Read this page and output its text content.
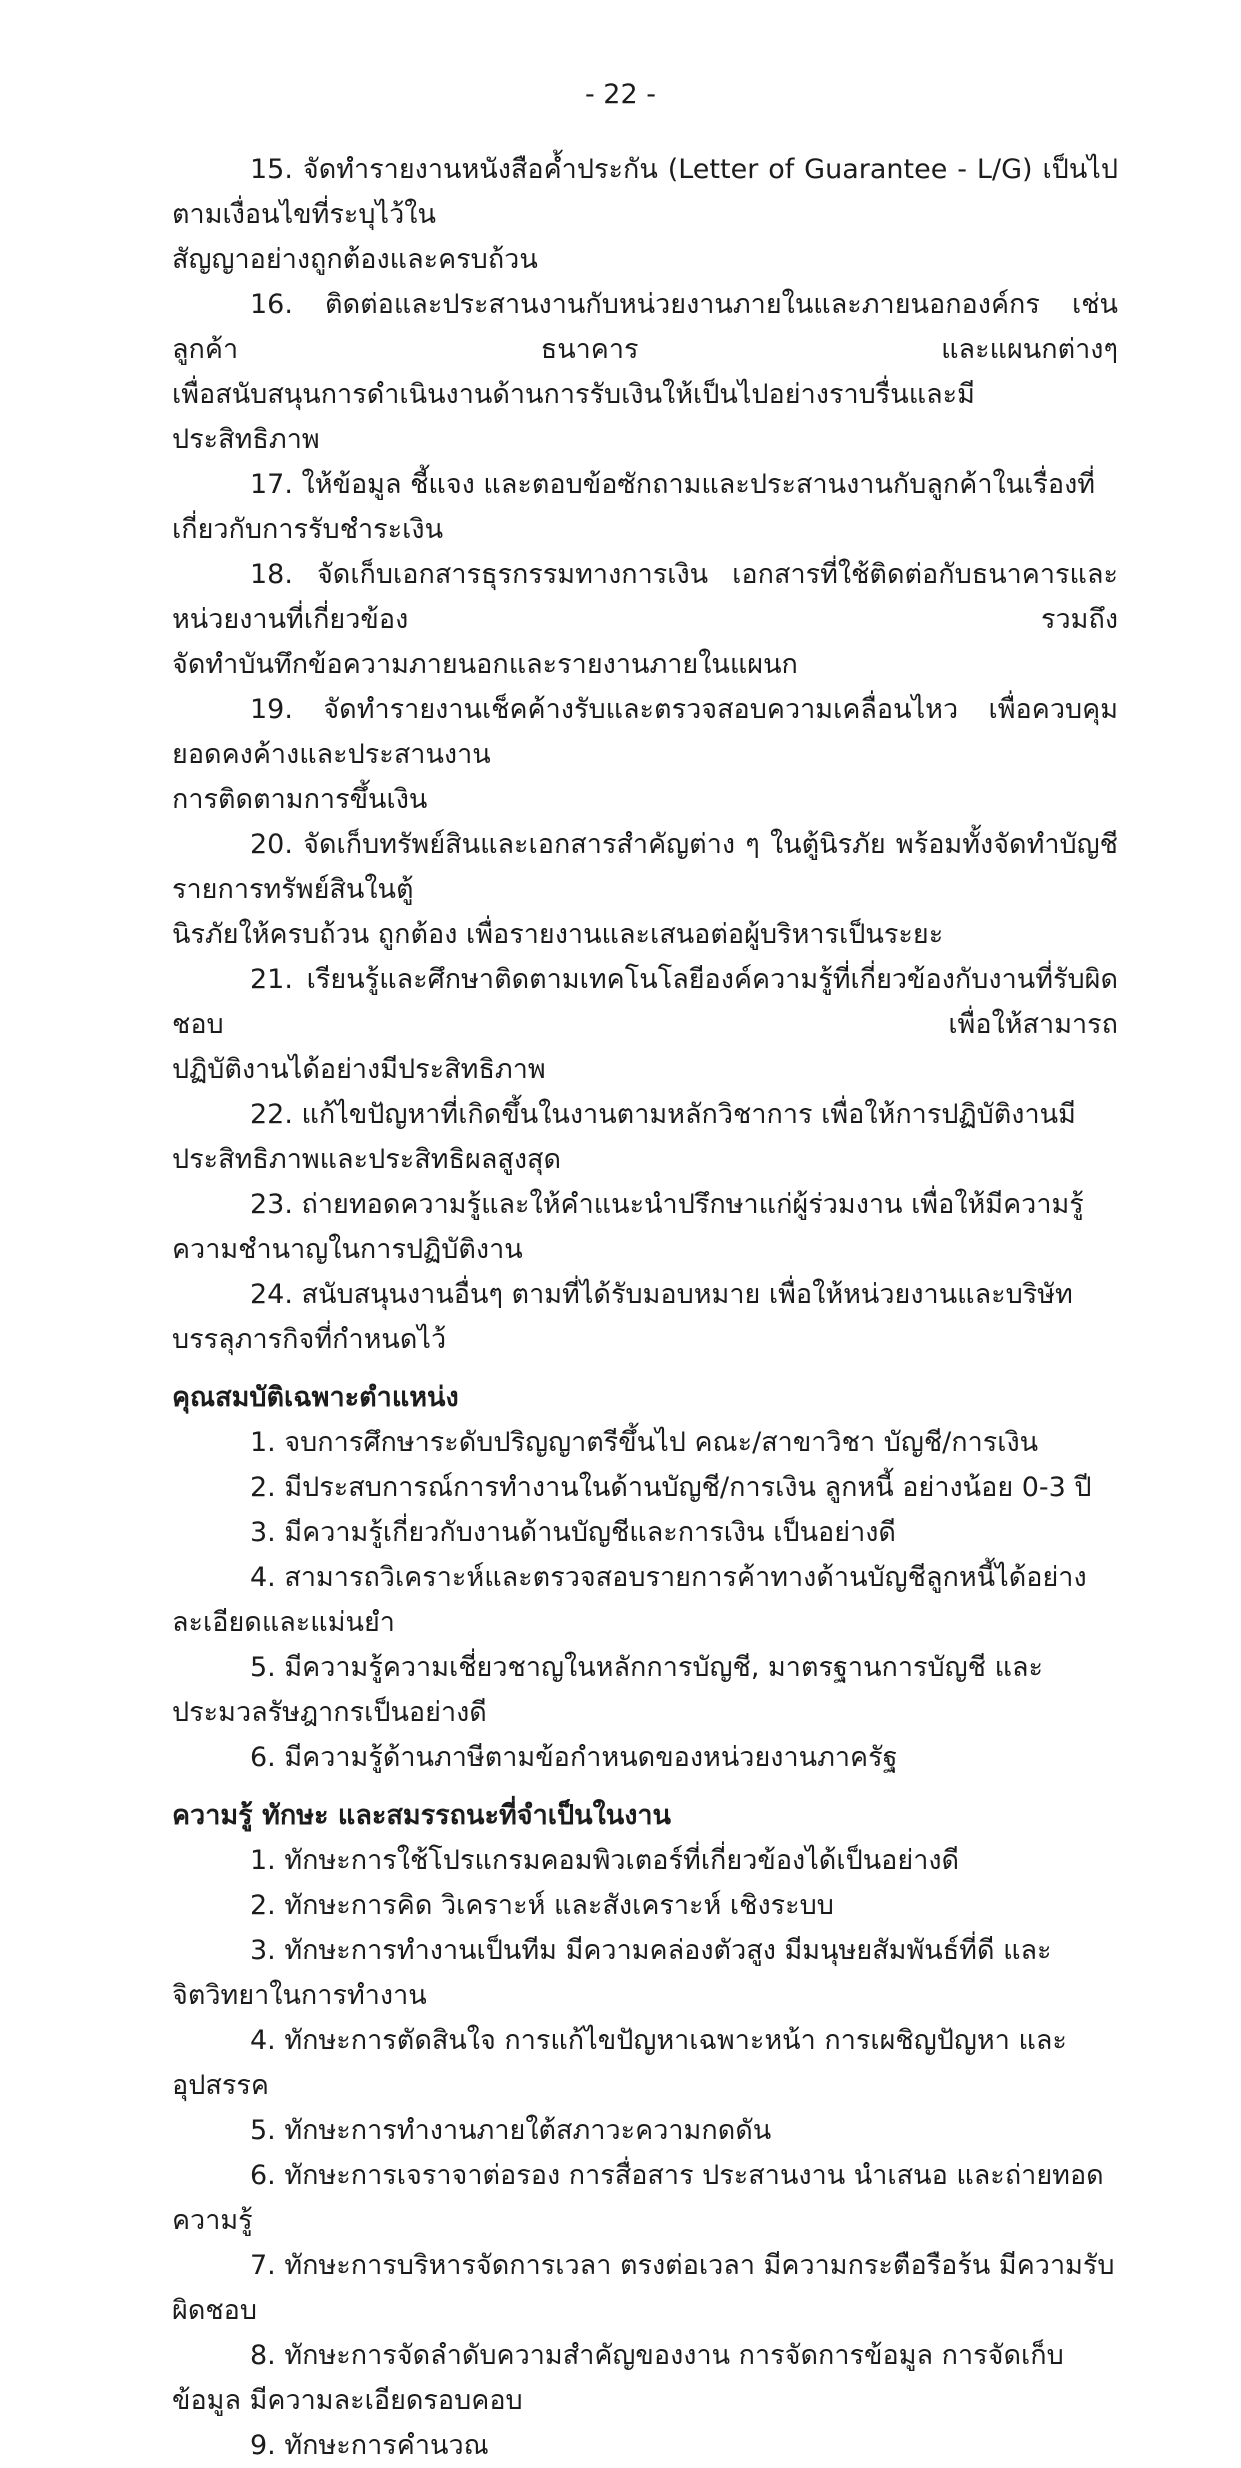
- 22 -
15. จัดทำรายงานหนังสือค้ำประกัน (Letter of Guarantee - L/G) เป็นไปตามเงื่อนไขที่ระบุไว้ใน
สัญญาอย่างถูกต้องและครบถ้วน
16. ติดต่อและประสานงานกับหน่วยงานภายในและภายนอกองค์กร เช่น ลูกค้า ธนาคาร และแผนกต่างๆ
เพื่อสนับสนุนการดำเนินงานด้านการรับเงินให้เป็นไปอย่างราบรื่นและมีประสิทธิภาพ
17. ให้ข้อมูล ชี้แจง และตอบข้อซักถามและประสานงานกับลูกค้าในเรื่องที่เกี่ยวกับการรับชำระเงิน
18. จัดเก็บเอกสารธุรกรรมทางการเงิน เอกสารที่ใช้ติดต่อกับธนาคารและหน่วยงานที่เกี่ยวข้อง รวมถึง
จัดทำบันทึกข้อความภายนอกและรายงานภายในแผนก
19. จัดทำรายงานเช็คค้างรับและตรวจสอบความเคลื่อนไหว เพื่อควบคุมยอดคงค้างและประสานงาน
การติดตามการขึ้นเงิน
20. จัดเก็บทรัพย์สินและเอกสารสำคัญต่าง ๆ ในตู้นิรภัย พร้อมทั้งจัดทำบัญชีรายการทรัพย์สินในตู้
นิรภัยให้ครบถ้วน ถูกต้อง เพื่อรายงานและเสนอต่อผู้บริหารเป็นระยะ
21. เรียนรู้และศึกษาติดตามเทคโนโลยีองค์ความรู้ที่เกี่ยวข้องกับงานที่รับผิดชอบ เพื่อให้สามารถ
ปฏิบัติงานได้อย่างมีประสิทธิภาพ
22. แก้ไขปัญหาที่เกิดขึ้นในงานตามหลักวิชาการ เพื่อให้การปฏิบัติงานมีประสิทธิภาพและประสิทธิผลสูงสุด
23. ถ่ายทอดความรู้และให้คำแนะนำปรึกษาแก่ผู้ร่วมงาน เพื่อให้มีความรู้ความชำนาญในการปฏิบัติงาน
24. สนับสนุนงานอื่นๆ ตามที่ได้รับมอบหมาย เพื่อให้หน่วยงานและบริษัท บรรลุภารกิจที่กำหนดไว้
คุณสมบัติเฉพาะตำแหน่ง
1. จบการศึกษาระดับปริญญาตรีขึ้นไป คณะ/สาขาวิชา บัญชี/การเงิน
2. มีประสบการณ์การทำงานในด้านบัญชี/การเงิน ลูกหนี้ อย่างน้อย 0-3 ปี
3. มีความรู้เกี่ยวกับงานด้านบัญชีและการเงิน เป็นอย่างดี
4. สามารถวิเคราะห์และตรวจสอบรายการค้าทางด้านบัญชีลูกหนี้ได้อย่างละเอียดและแม่นยำ
5. มีความรู้ความเชี่ยวชาญในหลักการบัญชี, มาตรฐานการบัญชี และประมวลรัษฎากรเป็นอย่างดี
6. มีความรู้ด้านภาษีตามข้อกำหนดของหน่วยงานภาครัฐ
ความรู้ ทักษะ และสมรรถนะที่จำเป็นในงาน
1. ทักษะการใช้โปรแกรมคอมพิวเตอร์ที่เกี่ยวข้องได้เป็นอย่างดี
2. ทักษะการคิด วิเคราะห์ และสังเคราะห์ เชิงระบบ
3. ทักษะการทำงานเป็นทีม มีความคล่องตัวสูง มีมนุษยสัมพันธ์ที่ดี และจิตวิทยาในการทำงาน
4. ทักษะการตัดสินใจ การแก้ไขปัญหาเฉพาะหน้า การเผชิญปัญหา และอุปสรรค
5. ทักษะการทำงานภายใต้สภาวะความกดดัน
6. ทักษะการเจราจาต่อรอง การสื่อสาร ประสานงาน นำเสนอ และถ่ายทอดความรู้
7. ทักษะการบริหารจัดการเวลา ตรงต่อเวลา มีความกระตือรือร้น มีความรับผิดชอบ
8. ทักษะการจัดลำดับความสำคัญของงาน การจัดการข้อมูล การจัดเก็บข้อมูล มีความละเอียดรอบคอบ
9. ทักษะการคำนวณ
